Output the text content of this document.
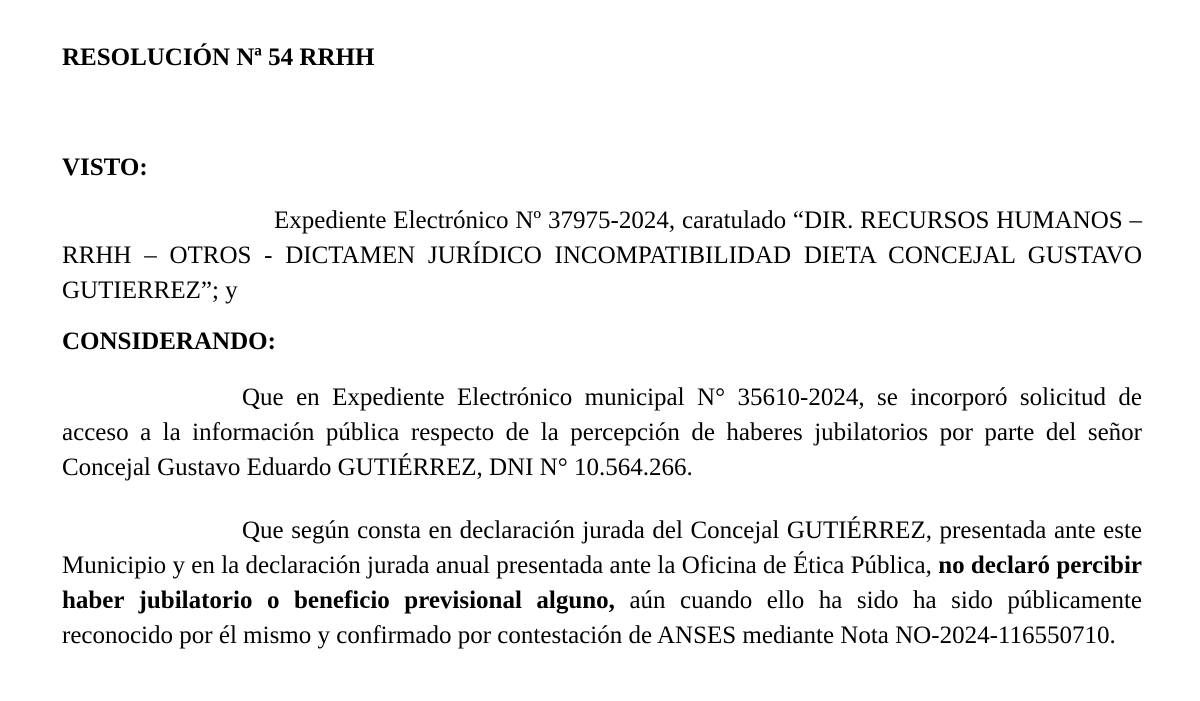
RESOLUCIÓN Nª 54 RRHH
VISTO:
Expediente Electrónico Nº 37975-2024, caratulado “DIR. RECURSOS HUMANOS – RRHH – OTROS - DICTAMEN JURÍDICO INCOMPATIBILIDAD DIETA CONCEJAL GUSTAVO GUTIERREZ”; y
CONSIDERANDO:
Que en Expediente Electrónico municipal N° 35610-2024, se incorporó solicitud de acceso a la información pública respecto de la percepción de haberes jubilatorios por parte del señor Concejal Gustavo Eduardo GUTIÉRREZ, DNI N° 10.564.266.
Que según consta en declaración jurada del Concejal GUTIÉRREZ, presentada ante este Municipio y en la declaración jurada anual presentada ante la Oficina de Ética Pública, no declaró percibir haber jubilatorio o beneficio previsional alguno, aún cuando ello ha sido ha sido públicamente reconocido por él mismo y confirmado por contestación de ANSES mediante Nota NO-2024-116550710.
